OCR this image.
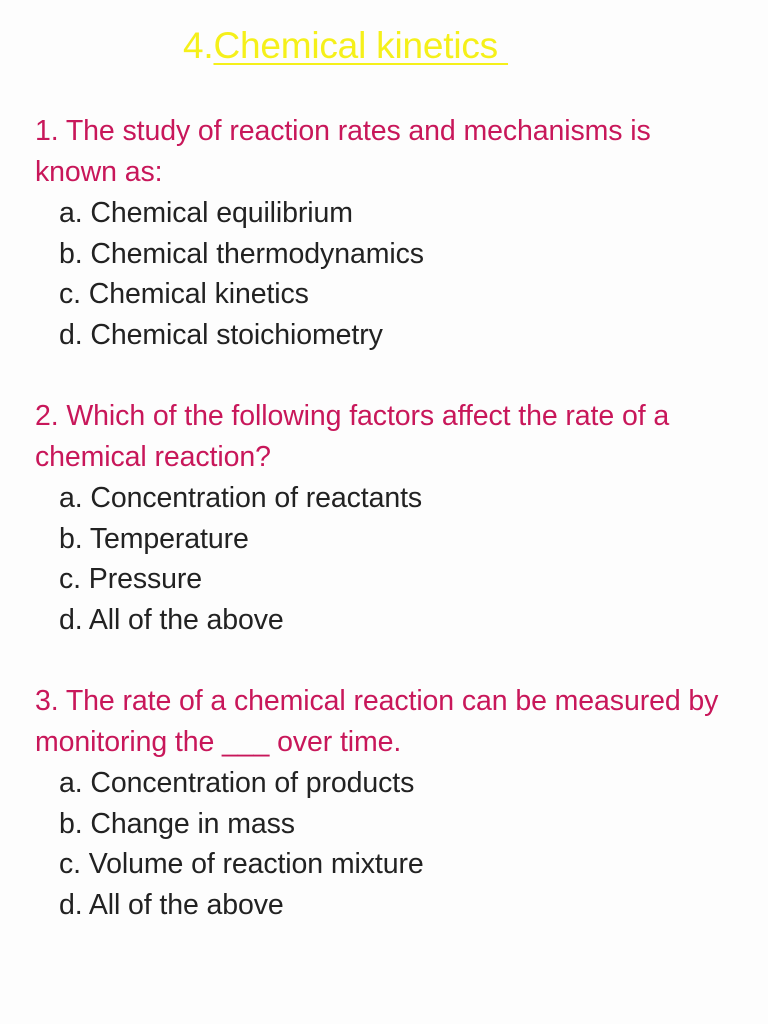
4.Chemical kinetics

1. The study of reaction rates and mechanisms is known as:

a. Chemical equilibrium
b. Chemical thermodynamics
c. Chemical kinetics
d. Chemical stoichiometry

2. Which of the following factors affect the rate of a chemical reaction?

a. Concentration of reactants
b. Temperature
c. Pressure
d. All of the above

3. The rate of a chemical reaction can be measured by monitoring the ___ over time.

a. Concentration of products
b. Change in mass
c. Volume of reaction mixture
d. All of the above
